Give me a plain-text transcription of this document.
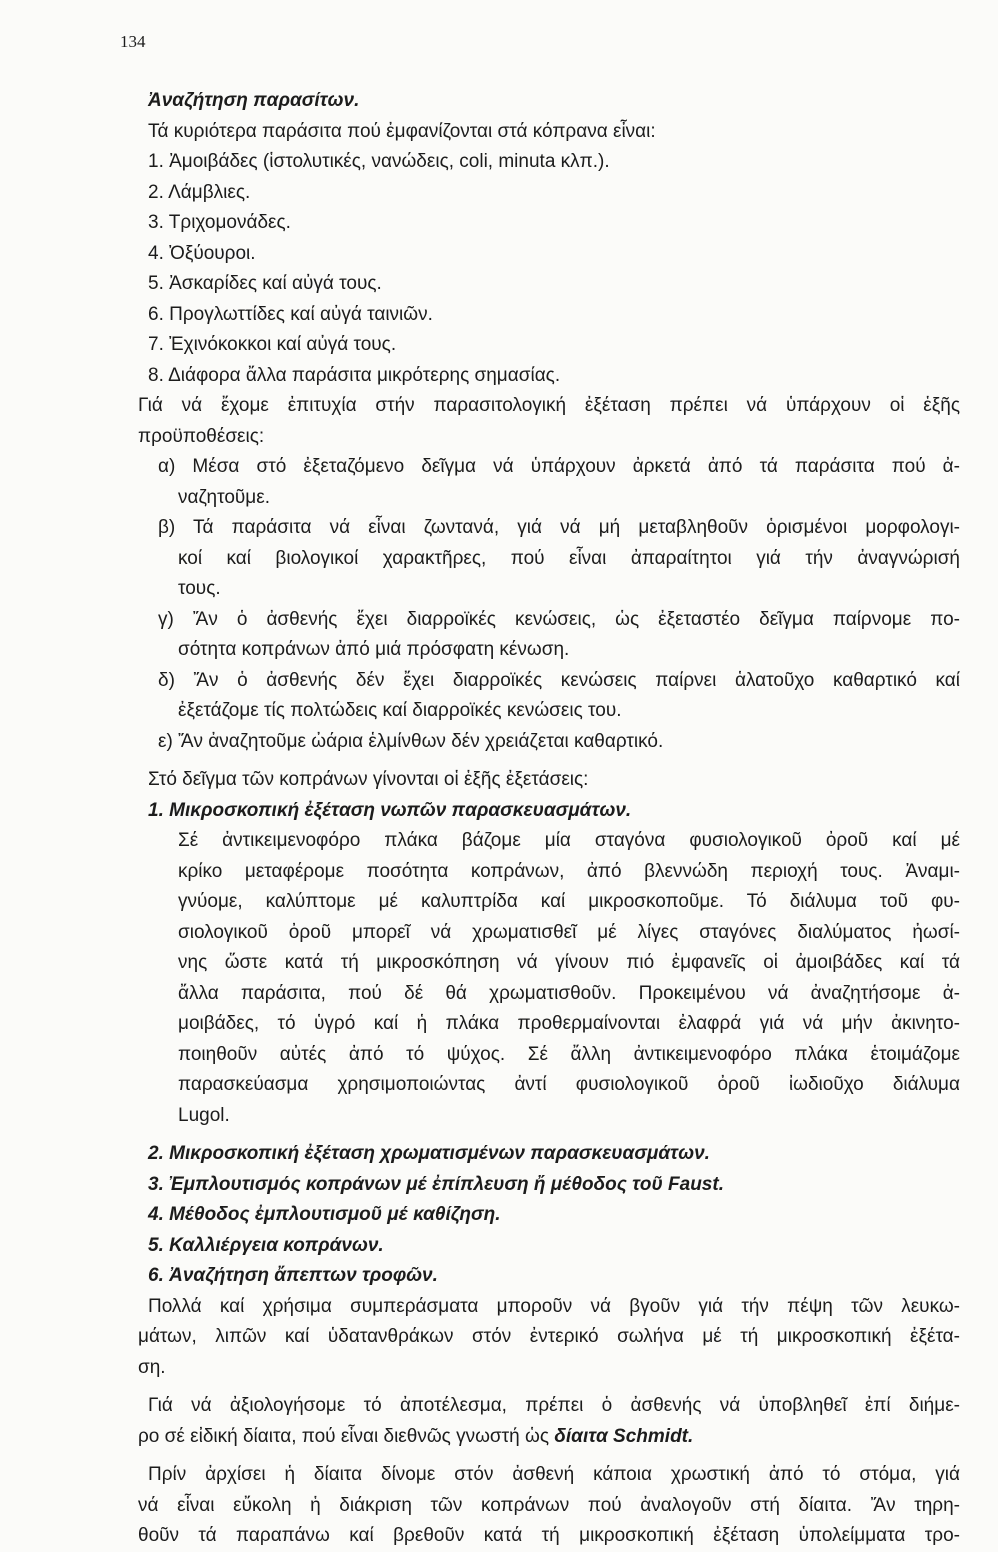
134
Ἀναζήτηση παρασίτων.
Τά κυριότερα παράσιτα πού ἐμφανίζονται στά κόπρανα εἶναι:
1. Ἀμοιβάδες (ἱστολυτικές, νανώδεις, coli, minuta κλπ.).
2. Λάμβλιες.
3. Τριχομονάδες.
4. Ὀξύουροι.
5. Ἀσκαρίδες καί αὐγά τους.
6. Προγλωττίδες καί αὐγά ταινιῶν.
7. Ἐχινόκοκκοι καί αὐγά τους.
8. Διάφορα ἄλλα παράσιτα μικρότερης σημασίας.
Γιά νά ἔχομε ἐπιτυχία στήν παρασιτολογική ἐξέταση πρέπει νά ὑπάρχουν οἱ ἑξῆς
προϋποθέσεις:
α) Μέσα στό ἐξεταζόμενο δεῖγμα νά ὑπάρχουν ἀρκετά ἀπό τά παράσιτα πού ἀ-
ναζητοῦμε.
β) Τά παράσιτα νά εἶναι ζωντανά, γιά νά μή μεταβληθοῦν ὁρισμένοι μορφολογι-
κοί καί βιολογικοί χαρακτῆρες, πού εἶναι ἀπαραίτητοι γιά τήν ἀναγνώρισή
τους.
γ) Ἄν ὁ ἀσθενής ἔχει διαρροϊκές κενώσεις, ὡς ἐξεταστέο δεῖγμα παίρνομε πο-
σότητα κοπράνων ἀπό μιά πρόσφατη κένωση.
δ) Ἄν ὁ ἀσθενής δέν ἔχει διαρροϊκές κενώσεις παίρνει ἁλατοῦχο καθαρτικό καί
ἐξετάζομε τίς πολτώδεις καί διαρροϊκές κενώσεις του.
ε) Ἄν ἀναζητοῦμε ὠάρια ἑλμίνθων δέν χρειάζεται καθαρτικό.
Στό δεῖγμα τῶν κοπράνων γίνονται οἱ ἑξῆς ἐξετάσεις:
1. Μικροσκοπική ἐξέταση νωπῶν παρασκευασμάτων.
Σέ ἀντικειμενοφόρο πλάκα βάζομε μία σταγόνα φυσιολογικοῦ ὀροῦ καί μέ
κρίκο μεταφέρομε ποσότητα κοπράνων, ἀπό βλεννώδη περιοχή τους. Ἀναμι-
γνύομε, καλύπτομε μέ καλυπτρίδα καί μικροσκοποῦμε. Τό διάλυμα τοῦ φυ-
σιολογικοῦ ὀροῦ μπορεῖ νά χρωματισθεῖ μέ λίγες σταγόνες διαλύματος ἠωσί-
νης ὥστε κατά τή μικροσκόπηση νά γίνουν πιό ἐμφανεῖς οἱ ἀμοιβάδες καί τά
ἄλλα παράσιτα, πού δέ θά χρωματισθοῦν. Προκειμένου νά ἀναζητήσομε ἀ-
μοιβάδες, τό ὑγρό καί ἡ πλάκα προθερμαίνονται ἐλαφρά γιά νά μήν ἀκινητο-
ποιηθοῦν αὐτές ἀπό τό ψύχος. Σέ ἄλλη ἀντικειμενοφόρο πλάκα ἑτοιμάζομε
παρασκεύασμα χρησιμοποιώντας ἀντί φυσιολογικοῦ ὀροῦ ἰωδιοῦχο διάλυμα
Lugol.
2. Μικροσκοπική ἐξέταση χρωματισμένων παρασκευασμάτων.
3. Ἐμπλουτισμός κοπράνων μέ ἐπίπλευση ἤ μέθοδος τοῦ Faust.
4. Μέθοδος ἐμπλουτισμοῦ μέ καθίζηση.
5. Καλλιέργεια κοπράνων.
6. Ἀναζήτηση ἄπεπτων τροφῶν.
Πολλά καί χρήσιμα συμπεράσματα μποροῦν νά βγοῦν γιά τήν πέψη τῶν λευκω-
μάτων, λιπῶν καί ὑδατανθράκων στόν ἐντερικό σωλήνα μέ τή μικροσκοπική ἐξέτα-
ση.
Γιά νά ἀξιολογήσομε τό ἀποτέλεσμα, πρέπει ὁ ἀσθενής νά ὑποβληθεῖ ἐπί διήμε-
ρο σέ εἰδική δίαιτα, πού εἶναι διεθνῶς γνωστή ὡς δίαιτα Schmidt.
Πρίν ἀρχίσει ἡ δίαιτα δίνομε στόν ἀσθενή κάποια χρωστική ἀπό τό στόμα, γιά
νά εἶναι εὔκολη ἡ διάκριση τῶν κοπράνων πού ἀναλογοῦν στή δίαιτα. Ἄν τηρη-
θοῦν τά παραπάνω καί βρεθοῦν κατά τή μικροσκοπική ἐξέταση ὑπολείμματα τρο-
